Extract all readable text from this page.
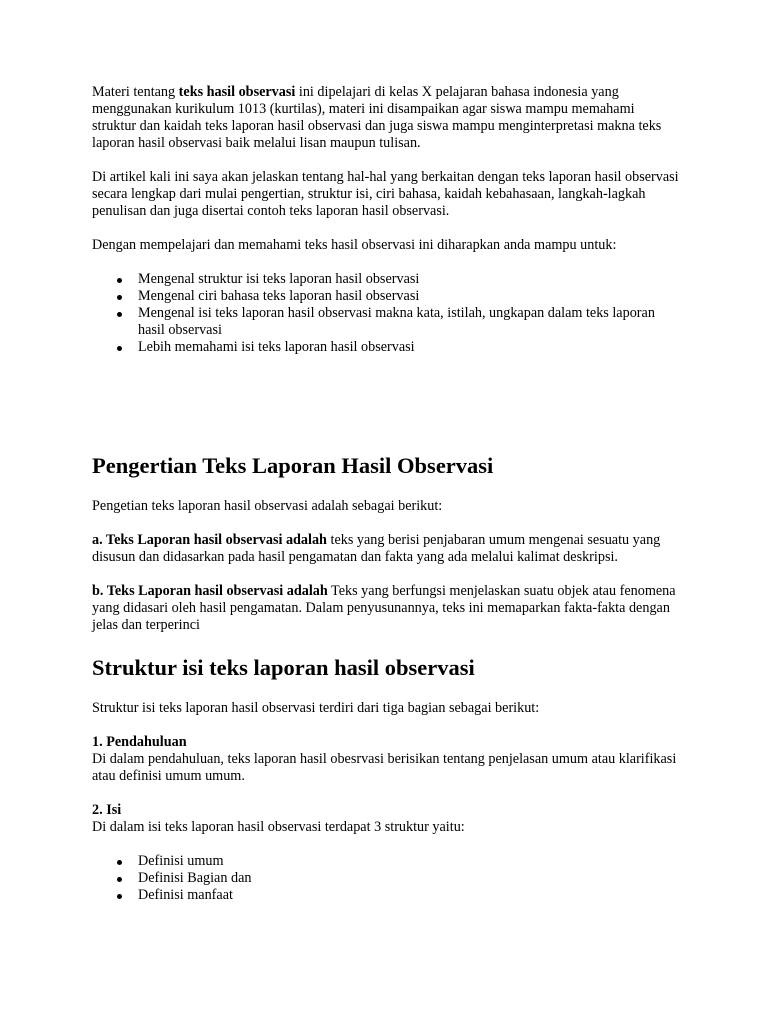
Materi tentang teks hasil observasi ini dipelajari di kelas X pelajaran bahasa indonesia yang menggunakan kurikulum 1013 (kurtilas), materi ini disampaikan agar siswa mampu memahami struktur dan kaidah teks laporan hasil observasi dan juga siswa mampu menginterpretasi makna teks laporan hasil observasi baik melalui lisan maupun tulisan.

Di artikel kali ini saya akan jelaskan tentang hal-hal yang berkaitan dengan teks laporan hasil observasi secara lengkap dari mulai pengertian, struktur isi, ciri bahasa, kaidah kebahasaan, langkah-lagkah penulisan dan juga disertai contoh teks laporan hasil observasi.

Dengan mempelajari dan memahami teks hasil observasi ini diharapkan anda mampu untuk:

Mengenal struktur isi teks laporan hasil observasi
Mengenal ciri bahasa teks laporan hasil observasi
Mengenal isi teks laporan hasil observasi makna kata, istilah, ungkapan dalam teks laporan hasil observasi
Lebih memahami isi teks laporan hasil observasi
Pengertian Teks Laporan Hasil Observasi

Pengetian teks laporan hasil observasi adalah sebagai berikut:

a. Teks Laporan hasil observasi adalah teks yang berisi penjabaran umum mengenai sesuatu yang disusun dan didasarkan pada hasil pengamatan dan fakta yang ada melalui kalimat deskripsi.

b. Teks Laporan hasil observasi adalah Teks yang berfungsi menjelaskan suatu objek atau fenomena yang didasari oleh hasil pengamatan. Dalam penyusunannya, teks ini memaparkan fakta-fakta dengan jelas dan terperinci

Struktur isi teks laporan hasil observasi

Struktur isi teks laporan hasil observasi terdiri dari tiga bagian sebagai berikut:

1. Pendahuluan

Di dalam pendahuluan, teks laporan hasil obesrvasi berisikan tentang penjelasan umum atau klarifikasi atau definisi umum umum.

2. Isi

Di dalam isi teks laporan hasil observasi terdapat 3 struktur yaitu:

Definisi umum
Definisi Bagian dan
Definisi manfaat
